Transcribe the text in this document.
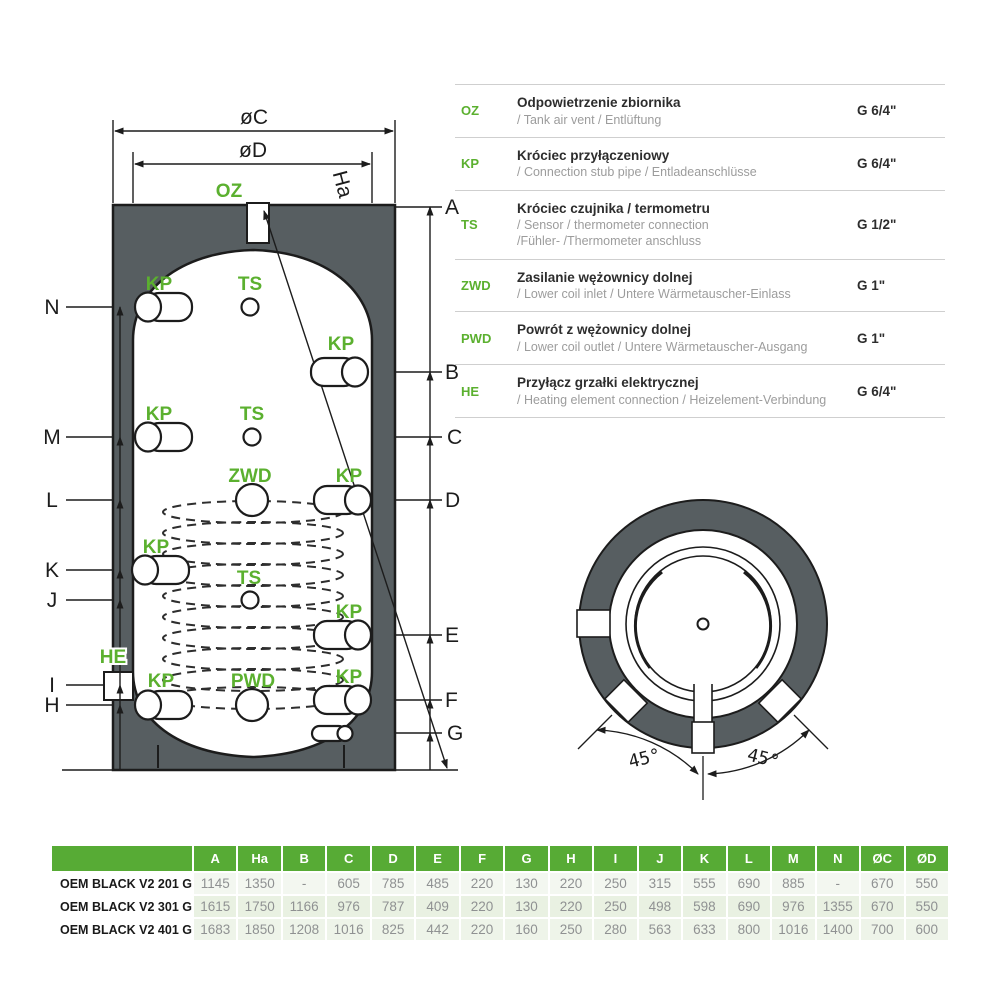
øC
øD
Ha
A
B
C
D
E
F
G
N
M
L
K
J
I
H
OZ
KP	TS
KP
KP	TS
ZWD	KP
KP
TS
KP
KP	PWD	KP
HE
45°	45°
OZ
Odpowietrzenie zbiornika
/ Tank air vent / Entlüftung
G 6/4"
KP
Króciec przyłączeniowy
/ Connection stub pipe / Entladeanschlüsse
G 6/4"
TS
Króciec czujnika / termometru
/ Sensor / thermometer connection
/Fühler- /Thermometer anschluss
G 1/2"
ZWD
Zasilanie wężownicy dolnej
/ Lower coil inlet / Untere Wärmetauscher-Einlass
G 1"
PWD
Powrót z wężownicy dolnej
/ Lower coil outlet / Untere Wärmetauscher-Ausgang
G 1"
HE
Przyłącz grzałki elektrycznej
/ Heating element connection / Heizelement-Verbindung
G 6/4"
	A	Ha	B	C	D	E	F	G	H	I	J	K	L	M	N	ØC	ØD
OEM BLACK V2 201 G	1145	1350	-	605	785	485	220	130	220	250	315	555	690	885	-	670	550
OEM BLACK V2 301 G	1615	1750	1166	976	787	409	220	130	220	250	498	598	690	976	1355	670	550
OEM BLACK V2 401 G	1683	1850	1208	1016	825	442	220	160	250	280	563	633	800	1016	1400	700	600
